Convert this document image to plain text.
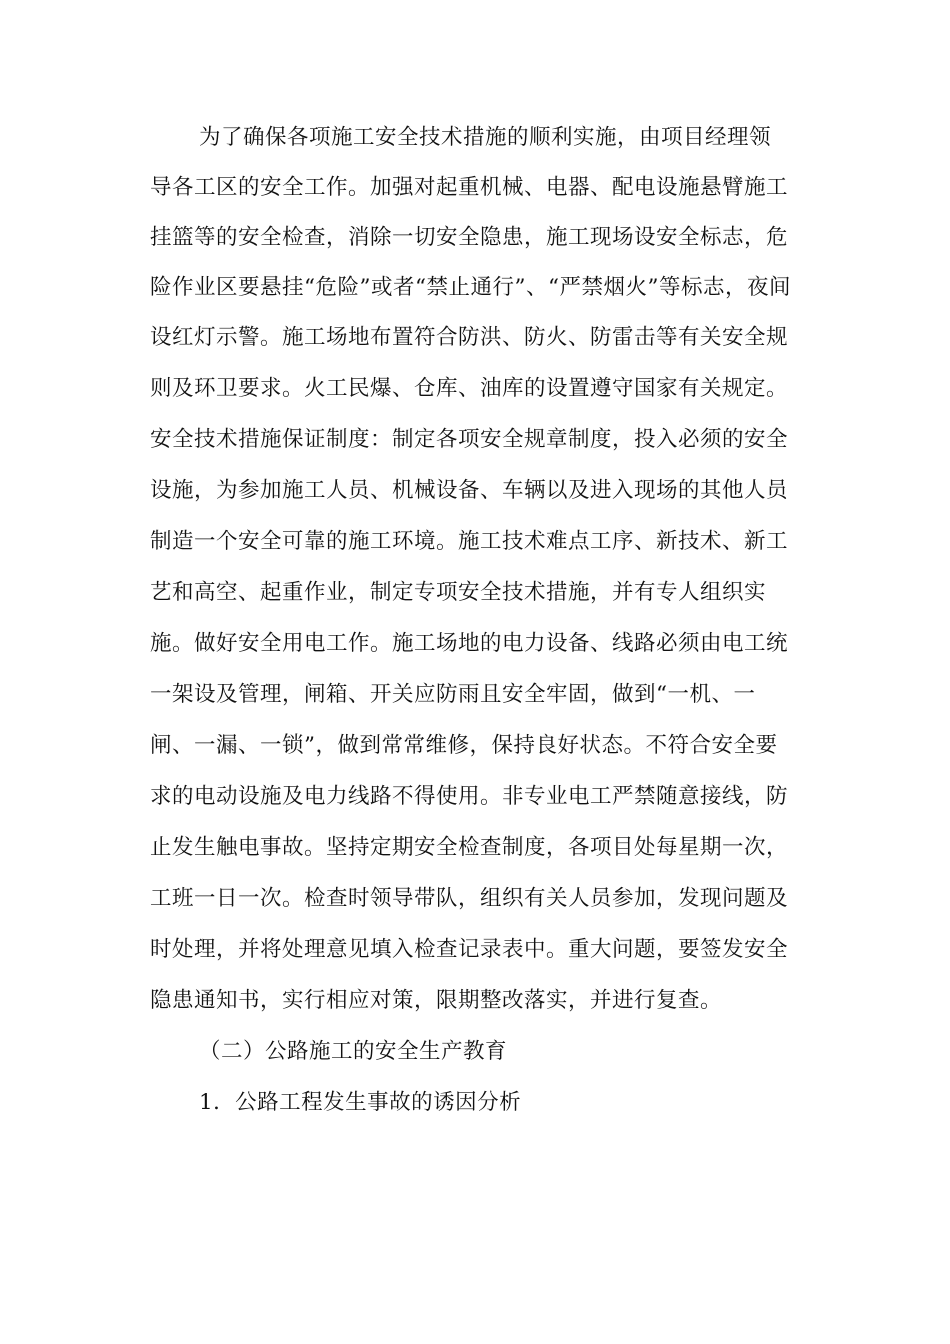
为了确保各项施工安全技术措施的顺利实施，由项目经理领
导各工区的安全工作。加强对起重机械、电器、配电设施悬臂施工
挂篮等的安全检查，消除一切安全隐患，施工现场设安全标志，危
险作业区要悬挂“危险”或者“禁止通行”、“严禁烟火”等标志，夜间
设红灯示警。施工场地布置符合防洪、防火、防雷击等有关安全规
则及环卫要求。火工民爆、仓库、油库的设置遵守国家有关规定。
安全技术措施保证制度：制定各项安全规章制度，投入必须的安全
设施，为参加施工人员、机械设备、车辆以及进入现场的其他人员
制造一个安全可靠的施工环境。施工技术难点工序、新技术、新工
艺和高空、起重作业，制定专项安全技术措施，并有专人组织实
施。做好安全用电工作。施工场地的电力设备、线路必须由电工统
一架设及管理，闸箱、开关应防雨且安全牢固，做到“一机、一
闸、一漏、一锁”，做到常常维修，保持良好状态。不符合安全要
求的电动设施及电力线路不得使用。非专业电工严禁随意接线，防
止发生触电事故。坚持定期安全检查制度，各项目处每星期一次，
工班一日一次。检查时领导带队，组织有关人员参加，发现问题及
时处理，并将处理意见填入检查记录表中。重大问题，要签发安全
隐患通知书，实行相应对策，限期整改落实，并进行复查。
（二）公路施工的安全生产教育
1．公路工程发生事故的诱因分析
